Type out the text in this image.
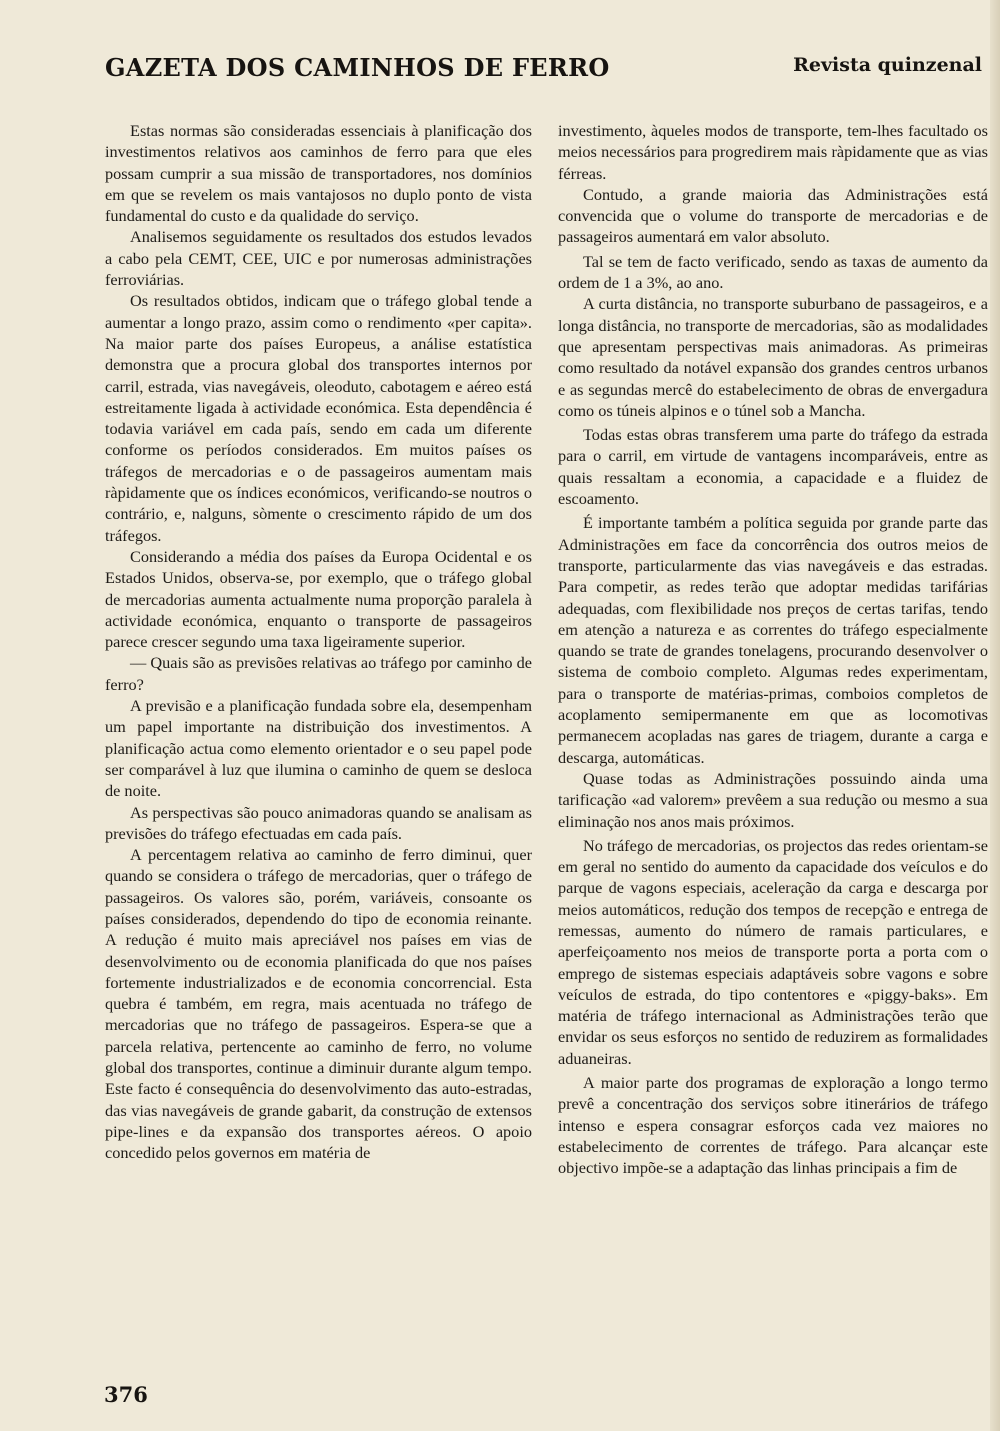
GAZETA DOS CAMINHOS DE FERRO	Revista quinzenal

Estas normas são consideradas essenciais à planificação dos investimentos relativos aos caminhos de ferro para que eles possam cumprir a sua missão de transportadores, nos domínios em que se revelem os mais vantajosos no duplo ponto de vista fundamental do custo e da qualidade do serviço.

Analisemos seguidamente os resultados dos estudos levados a cabo pela CEMT, CEE, UIC e por numerosas administrações ferroviárias.

Os resultados obtidos, indicam que o tráfego global tende a aumentar a longo prazo, assim como o rendimento «per capita». Na maior parte dos países Europeus, a análise estatística demonstra que a procura global dos transportes internos por carril, estrada, vias navegáveis, oleoduto, cabotagem e aéreo está estreitamente ligada à actividade económica. Esta dependência é todavia variável em cada país, sendo em cada um diferente conforme os períodos considerados. Em muitos países os tráfegos de mercadorias e o de passageiros aumentam mais ràpidamente que os índices económicos, verificando-se noutros o contrário, e, nalguns, sòmente o crescimento rápido de um dos tráfegos.

Considerando a média dos países da Europa Ocidental e os Estados Unidos, observa-se, por exemplo, que o tráfego global de mercadorias aumenta actualmente numa proporção paralela à actividade económica, enquanto o transporte de passageiros parece crescer segundo uma taxa ligeiramente superior.

— Quais são as previsões relativas ao tráfego por caminho de ferro?

A previsão e a planificação fundada sobre ela, desempenham um papel importante na distribuição dos investimentos. A planificação actua como elemento orientador e o seu papel pode ser comparável à luz que ilumina o caminho de quem se desloca de noite.

As perspectivas são pouco animadoras quando se analisam as previsões do tráfego efectuadas em cada país.

A percentagem relativa ao caminho de ferro diminui, quer quando se considera o tráfego de mercadorias, quer o tráfego de passageiros. Os valores são, porém, variáveis, consoante os países considerados, dependendo do tipo de economia reinante. A redução é muito mais apreciável nos países em vias de desenvolvimento ou de economia planificada do que nos países fortemente industrializados e de economia concorrencial. Esta quebra é também, em regra, mais acentuada no tráfego de mercadorias que no tráfego de passageiros. Espera-se que a parcela relativa, pertencente ao caminho de ferro, no volume global dos transportes, continue a diminuir durante algum tempo. Este facto é consequência do desenvolvimento das auto-estradas, das vias navegáveis de grande gabarit, da construção de extensos pipe-lines e da expansão dos transportes aéreos. O apoio concedido pelos governos em matéria de

investimento, àqueles modos de transporte, tem-lhes facultado os meios necessários para progredirem mais ràpidamente que as vias férreas.

Contudo, a grande maioria das Administrações está convencida que o volume do transporte de mercadorias e de passageiros aumentará em valor absoluto.

Tal se tem de facto verificado, sendo as taxas de aumento da ordem de 1 a 3%, ao ano.

A curta distância, no transporte suburbano de passageiros, e a longa distância, no transporte de mercadorias, são as modalidades que apresentam perspectivas mais animadoras. As primeiras como resultado da notável expansão dos grandes centros urbanos e as segundas mercê do estabelecimento de obras de envergadura como os túneis alpinos e o túnel sob a Mancha.

Todas estas obras transferem uma parte do tráfego da estrada para o carril, em virtude de vantagens incomparáveis, entre as quais ressaltam a economia, a capacidade e a fluidez de escoamento.

É importante também a política seguida por grande parte das Administrações em face da concorrência dos outros meios de transporte, particularmente das vias navegáveis e das estradas. Para competir, as redes terão que adoptar medidas tarifárias adequadas, com flexibilidade nos preços de certas tarifas, tendo em atenção a natureza e as correntes do tráfego especialmente quando se trate de grandes tonelagens, procurando desenvolver o sistema de comboio completo. Algumas redes experimentam, para o transporte de matérias-primas, comboios completos de acoplamento semipermanente em que as locomotivas permanecem acopladas nas gares de triagem, durante a carga e descarga, automáticas.

Quase todas as Administrações possuindo ainda uma tarificação «ad valorem» prevêem a sua redução ou mesmo a sua eliminação nos anos mais próximos.

No tráfego de mercadorias, os projectos das redes orientam-se em geral no sentido do aumento da capacidade dos veículos e do parque de vagons especiais, aceleração da carga e descarga por meios automáticos, redução dos tempos de recepção e entrega de remessas, aumento do número de ramais particulares, e aperfeiçoamento nos meios de transporte porta a porta com o emprego de sistemas especiais adaptáveis sobre vagons e sobre veículos de estrada, do tipo contentores e «piggy-baks». Em matéria de tráfego internacional as Administrações terão que envidar os seus esforços no sentido de reduzirem as formalidades aduaneiras.

A maior parte dos programas de exploração a longo termo prevê a concentração dos serviços sobre itinerários de tráfego intenso e espera consagrar esforços cada vez maiores no estabelecimento de correntes de tráfego. Para alcançar este objectivo impõe-se a adaptação das linhas principais a fim de

376
